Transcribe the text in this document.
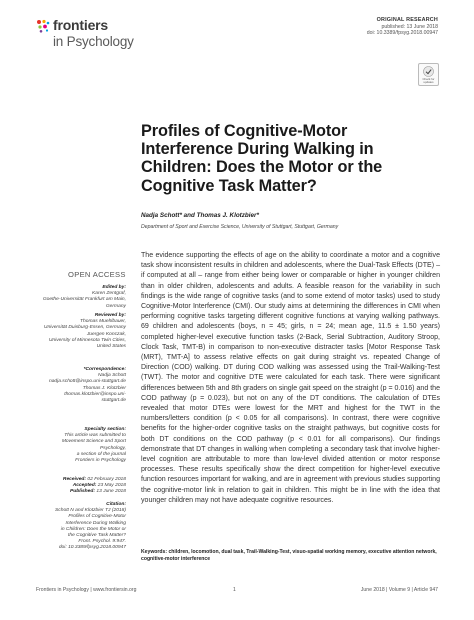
frontiers
in Psychology
ORIGINAL RESEARCH
published: 13 June 2018
doi: 10.3389/fpsyg.2018.00947
Check for updates
Profiles of Cognitive-Motor Interference During Walking in Children: Does the Motor or the Cognitive Task Matter?
Nadja Schott* and Thomas J. Klotzbier*
Department of Sport and Exercise Science, University of Stuttgart, Stuttgart, Germany
OPEN ACCESS
Edited by:
Karen Zentgraf,
Goethe-Universität Frankfurt am Main,
Germany
Reviewed by:
Thomas Muehlbauer,
Universität Duisburg-Essen, Germany
Juergen Konczak,
University of Minnesota Twin Cities,
United States
*Correspondence:
Nadja Schott
nadja.schott@inspo.uni-stuttgart.de
Thomas J. Klotzbier
thomas.klotzbier@inspo.uni-
stuttgart.de
Specialty section:
This article was submitted to
Movement Science and Sport
Psychology,
a section of the journal
Frontiers in Psychology
Received: 02 February 2018
Accepted: 23 May 2018
Published: 13 June 2018
Citation:
Schott N and Klotzbier TJ (2018)
Profiles of Cognitive-Motor
Interference During Walking
in Children: Does the Motor or
the Cognitive Task Matter?
Front. Psychol. 9:947.
doi: 10.3389/fpsyg.2018.00947
The evidence supporting the effects of age on the ability to coordinate a motor and a cognitive task show inconsistent results in children and adolescents, where the Dual-Task Effects (DTE) – if computed at all – range from either being lower or comparable or higher in younger children than in older children, adolescents and adults. A feasible reason for the variability in such findings is the wide range of cognitive tasks (and to some extend of motor tasks) used to study Cognitive-Motor Interference (CMI). Our study aims at determining the differences in CMI when performing cognitive tasks targeting different cognitive functions at varying walking pathways. 69 children and adolescents (boys, n = 45; girls, n = 24; mean age, 11.5 ± 1.50 years) completed higher-level executive function tasks (2-Back, Serial Subtraction, Auditory Stroop, Clock Task, TMT-B) in comparison to non-executive distracter tasks [Motor Response Task (MRT), TMT-A] to assess relative effects on gait during straight vs. repeated Change of Direction (COD) walking. DT during COD walking was assessed using the Trail-Walking-Test (TWT). The motor and cognitive DTE were calculated for each task. There were significant differences between 5th and 8th graders on single gait speed on the straight (p = 0.016) and the COD pathway (p = 0.023), but not on any of the DT conditions. The calculation of DTEs revealed that motor DTEs were lowest for the MRT and highest for the TWT in the numbers/letters condition (p < 0.05 for all comparisons). In contrast, there were cognitive benefits for the higher-order cognitive tasks on the straight pathways, but cognitive costs for both DT conditions on the COD pathway (p < 0.01 for all comparisons). Our findings demonstrate that DT changes in walking when completing a secondary task that involve higher-level cognition are attributable to more than low-level divided attention or motor response processes. These results specifically show the direct competition for higher-level executive function resources important for walking, and are in agreement with previous studies supporting the cognitive-motor link in relation to gait in children. This might be in line with the idea that younger children may not have adequate cognitive resources.
Keywords: children, locomotion, dual task, Trail-Walking-Test, visuo-spatial working memory, executive attention network, cognitive-motor interference
Frontiers in Psychology | www.frontiersin.org	1	June 2018 | Volume 9 | Article 947
